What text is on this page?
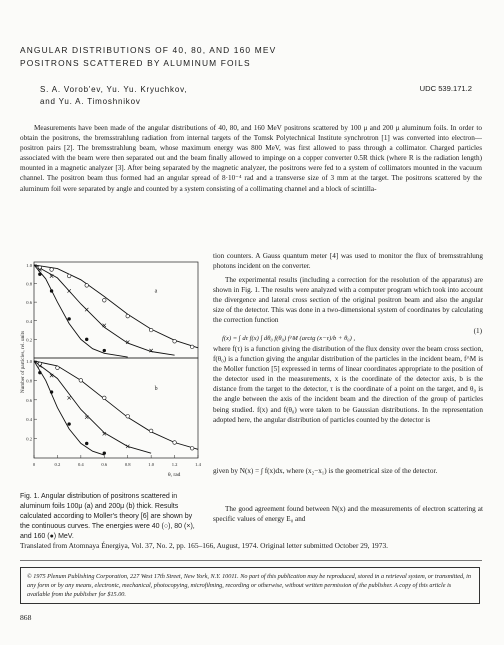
ANGULAR DISTRIBUTIONS OF 40, 80, AND 160 MEV
POSITRONS SCATTERED BY ALUMINUM FOILS
S. A. Vorob'ev, Yu. Yu. Kryuchkov,
and Yu. A. Timoshnikov
UDC 539.171.2
Measurements have been made of the angular distributions of 40, 80, and 160 MeV positrons scattered by 100 μ and 200 μ aluminum foils. In order to obtain the positrons, the bremsstrahlung radiation from internal targets of the Tomsk Polytechnical Institute synchrotron [1] was converted into electron—positron pairs [2]. The bremsstrahlung beam, whose maximum energy was 800 MeV, was first allowed to pass through a collimator. Charged particles associated with the beam were then separated out and the beam finally allowed to impinge on a copper converter 0.5R thick (where R is the radiation length) mounted in a magnetic analyzer [3]. After being separated by the magnetic analyzer, the positrons were fed to a system of collimators mounted in the vacuum channel. The positron beam thus formed had an angular spread of 8·10⁻⁴ rad and a transverse size of 3 mm at the target. The positrons scattered by the aluminum foil were separated by angle and counted by a system consisting of a collimating channel and a block of scintilla-
0.2
0.4
0.6
0.8
1.0
a
0.2
0.4
0.6
0.8
1.0
b
0	0.2	0.4	0.6	0.8	1.0	1.2	1.4
θ, rad
Number of particles, rel. units
Fig. 1. Angular distribution of positrons scattered in aluminum foils 100μ (a) and 200μ (b) thick. Results calculated according to Moller's theory [6] are shown by the continuous curves. The energies were 40 (○), 80 (×), and 160 (●) MeV.
tion counters. A Gauss quantum meter [4] was used to monitor the flux of bremsstrahlung photons incident on the converter.
The experimental results (including a correction for the resolution of the apparatus) are shown in Fig. 1. The results were analyzed with a computer program which took into account the divergence and lateral cross section of the original positron beam and also the angular size of the detector. This was done in a two-dimensional system of coordinates by calculating the correction function
f(x) = ∫ dτ f(x) ∫ dθ₀ f(θ₀) f^M (arctg (x−τ)/b + θ₀) ,
(1)
where f(τ) is a function giving the distribution of the flux density over the beam cross section, f(θ₀) is a function giving the angular distribution of the particles in the incident beam, f^M is the Moller function [5] expressed in terms of linear coordinates appropriate to the position of the detector used in the measurements, x is the coordinate of the detector axis, b is the distance from the target to the detector, τ is the coordinate of a point on the target, and θ₀ is the angle between the axis of the incident beam and the direction of the group of particles being studied. f(x) and f(θ₀) were taken to be Gaussian distributions. In the representation adopted here, the angular distribution of particles counted by the detector is
given by N(x) = ∫ f(x)dx, where (x₂−x₁) is the geometrical size of the detector.
The good agreement found between N(x) and the measurements of electron scattering at specific values of energy E₀ and
Translated from Atomnaya Énergiya, Vol. 37, No. 2, pp. 165–166, August, 1974. Original letter submitted October 29, 1973.
© 1975 Plenum Publishing Corporation, 227 West 17th Street, New York, N.Y. 10011. No part of this publication may be reproduced, stored in a retrieval system, or transmitted, in any form or by any means, electronic, mechanical, photocopying, microfilming, recording or otherwise, without written permission of the publisher. A copy of this article is available from the publisher for $15.00.
868
